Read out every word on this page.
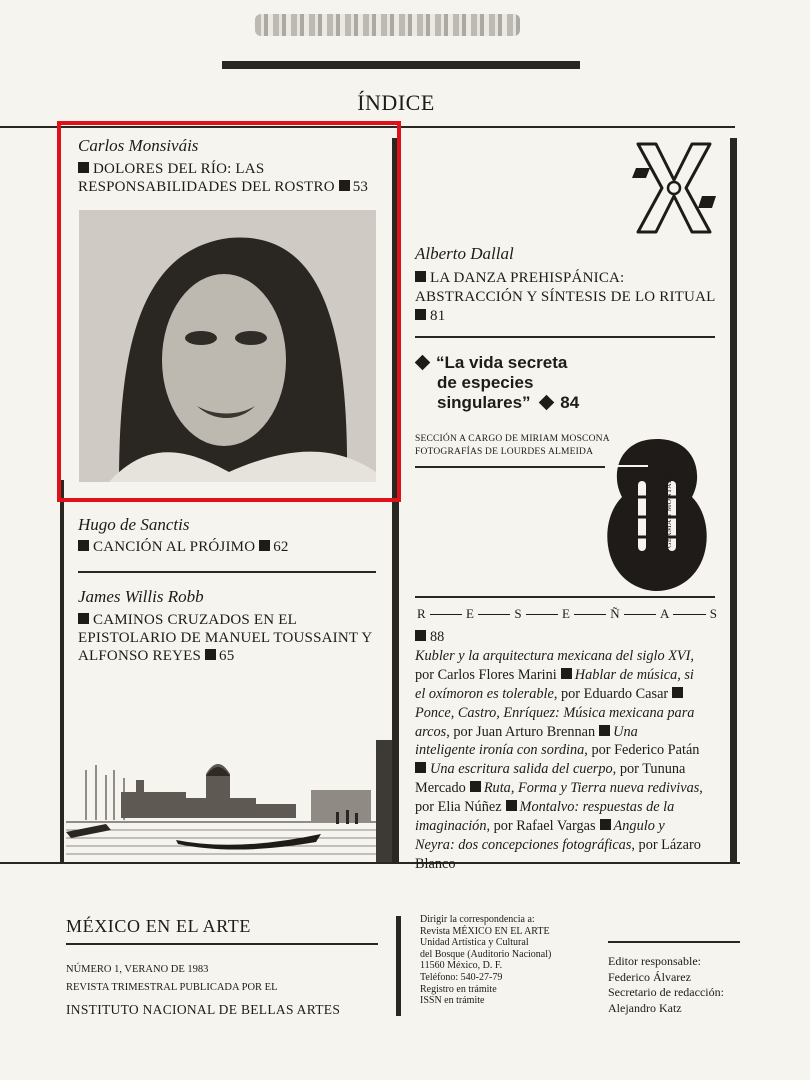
ÍNDICE
Carlos Monsiváis
DOLORES DEL RÍO: LAS
RESPONSABILIDADES DEL ROSTRO 53
Hugo de Sanctis
CANCIÓN AL PRÓJIMO 62
James Willis Robb
CAMINOS CRUZADOS EN EL
EPISTOLARIO DE MANUEL TOUSSAINT Y
ALFONSO REYES 65
Alberto Dallal
LA DANZA PREHISPÁNICA:
ABSTRACCIÓN Y SÍNTESIS DE LO RITUAL
81
“La vida secreta
de especies
singulares” 84
SECCIÓN A CARGO DE MIRIAM MOSCONA
FOTOGRAFÍAS DE LOURDES ALMEIDA
GERMÁN MONTALVO
R	E	S	E	Ñ	A	S
88
Kubler y la arquitectura mexicana del siglo XVI,
por Carlos Flores Marini Hablar de música, si
el oxímoron es tolerable, por Eduardo Casar
Ponce, Castro, Enríquez: Música mexicana para
arcos, por Juan Arturo Brennan Una
inteligente ironía con sordina, por Federico Patán
Una escritura salida del cuerpo, por Tununa
Mercado Ruta, Forma y Tierra nueva redivivas,
por Elia Núñez Montalvo: respuestas de la
imaginación, por Rafael Vargas Angulo y
Neyra: dos concepciones fotográficas, por Lázaro
Blanco
MÉXICO EN EL ARTE
NÚMERO 1, VERANO DE 1983
REVISTA TRIMESTRAL PUBLICADA POR EL
INSTITUTO NACIONAL DE BELLAS ARTES
Dirigir la correspondencia a:
Revista MÉXICO EN EL ARTE
Unidad Artística y Cultural
del Bosque (Auditorio Nacional)
11560 México, D. F.
Teléfono: 540-27-79
Registro en trámite
ISSN en trámite
Editor responsable:
Federico Álvarez
Secretario de redacción:
Alejandro Katz
